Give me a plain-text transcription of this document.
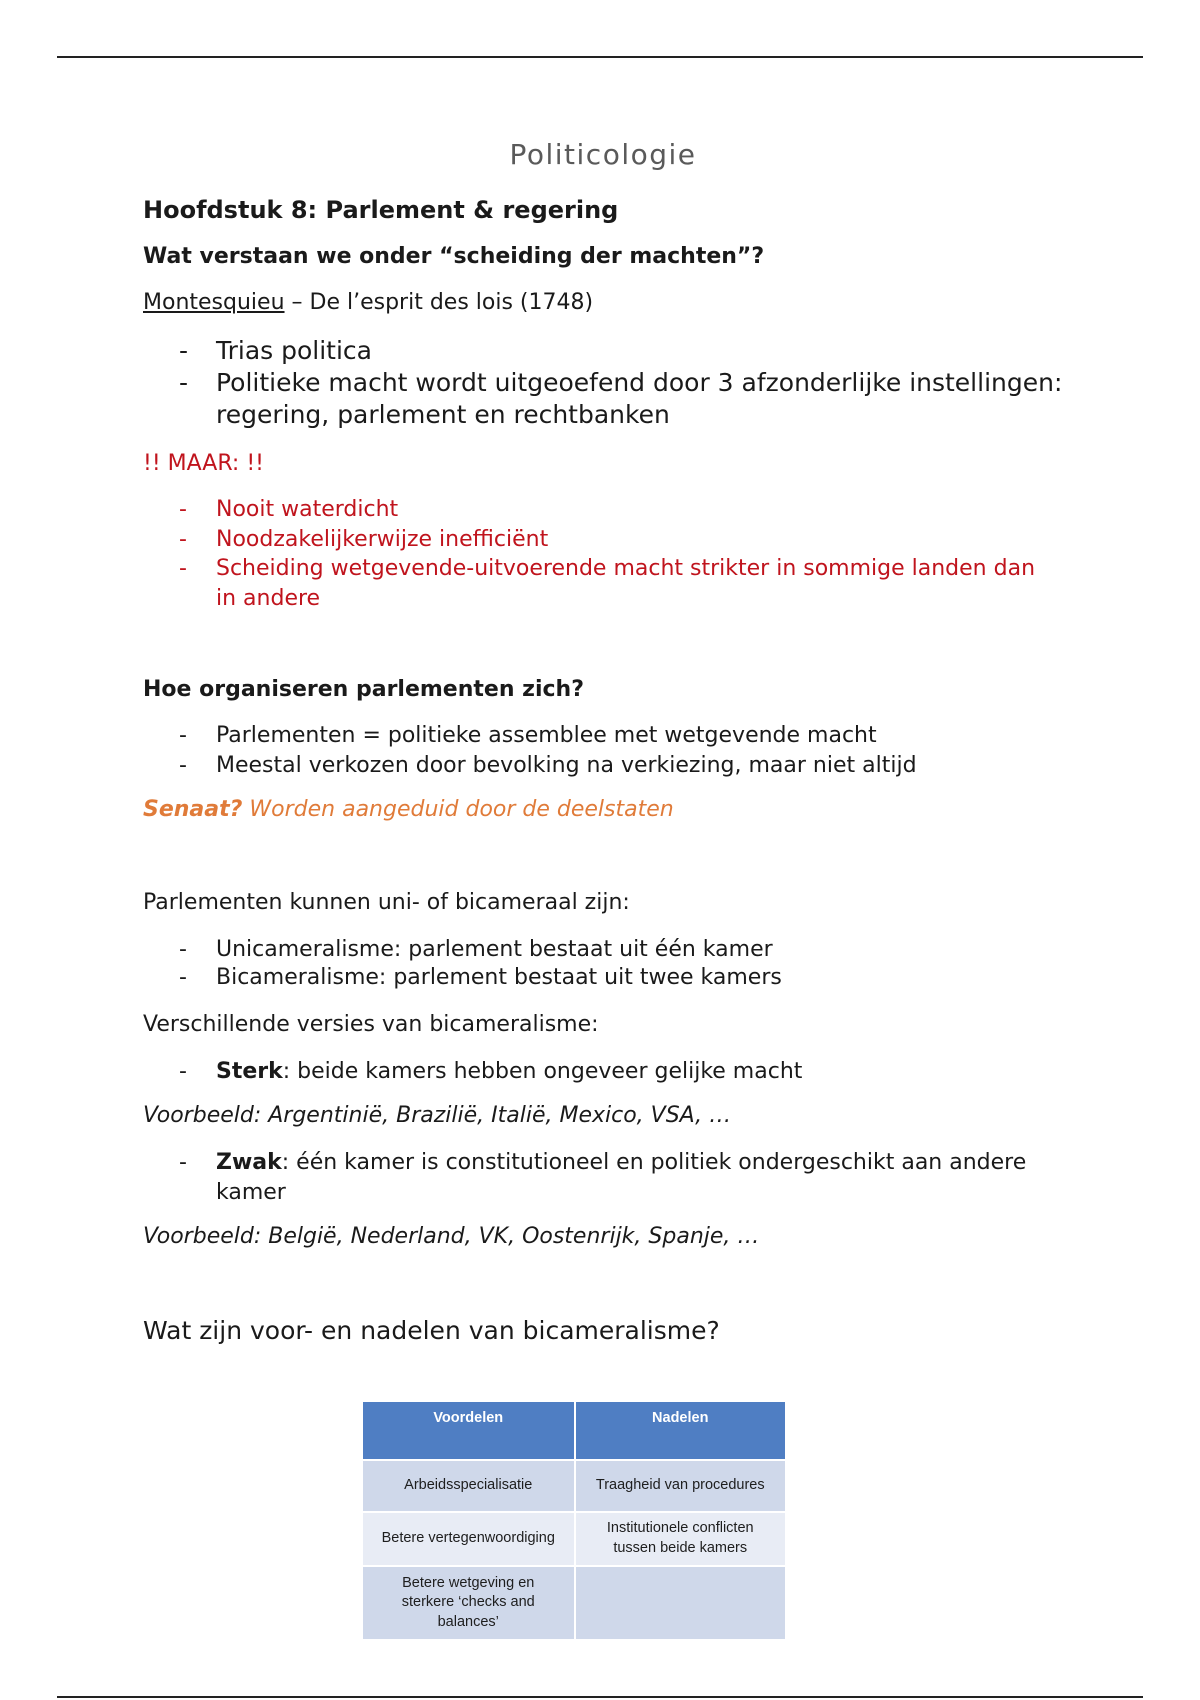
Politicologie
Hoofdstuk 8: Parlement & regering
Wat verstaan we onder “scheiding der machten”?
Montesquieu – De l’esprit des lois (1748)
- Trias politica
- Politieke macht wordt uitgeoefend door 3 afzonderlijke instellingen:
regering, parlement en rechtbanken
!! MAAR: !!
- Nooit waterdicht
- Noodzakelijkerwijze inefficiënt
- Scheiding wetgevende-uitvoerende macht strikter in sommige landen dan
in andere
Hoe organiseren parlementen zich?
- Parlementen = politieke assemblee met wetgevende macht
- Meestal verkozen door bevolking na verkiezing, maar niet altijd
Senaat? Worden aangeduid door de deelstaten
Parlementen kunnen uni- of bicameraal zijn:
- Unicameralisme: parlement bestaat uit één kamer
- Bicameralisme: parlement bestaat uit twee kamers
Verschillende versies van bicameralisme:
- Sterk: beide kamers hebben ongeveer gelijke macht
Voorbeeld: Argentinië, Brazilië, Italië, Mexico, VSA, …
- Zwak: één kamer is constitutioneel en politiek ondergeschikt aan andere
kamer
Voorbeeld: België, Nederland, VK, Oostenrijk, Spanje, …
Wat zijn voor- en nadelen van bicameralisme?
Voordelen	Nadelen
Arbeidsspecialisatie	Traagheid van procedures
Betere vertegenwoordiging	Institutionele conflicten tussen beide kamers
Betere wetgeving en sterkere ‘checks and balances’	
